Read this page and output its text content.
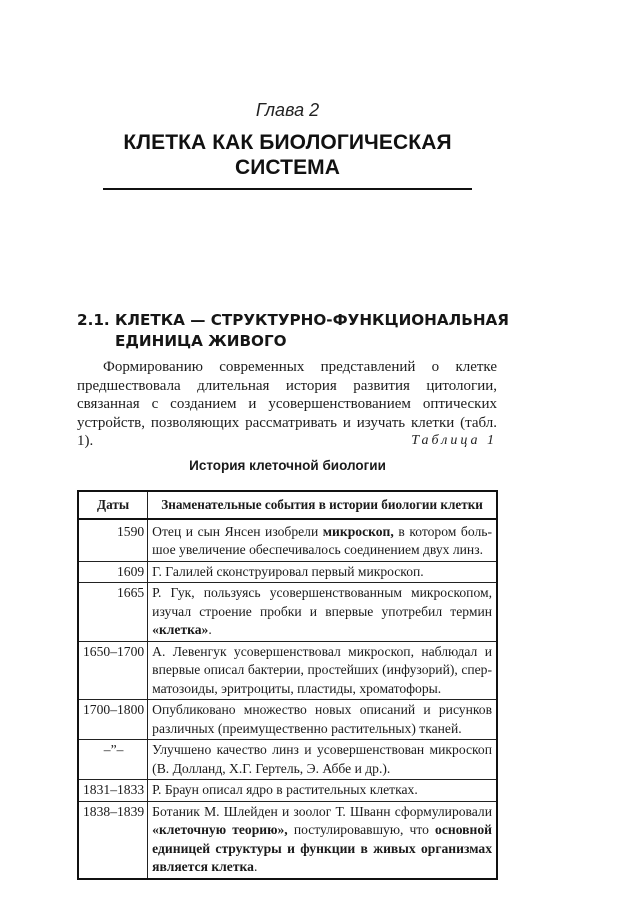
Глава 2
КЛЕТКА КАК БИОЛОГИЧЕСКАЯ
СИСТЕМА
2.1. КЛЕТКА — СТРУКТУРНО-ФУНКЦИОНАЛЬНАЯ ЕДИНИЦА ЖИВОГО

Формированию современных представлений о клетке предшествовала длительная история развития цитологии, связанная с созданием и усовершенствованием оптических устройств, позволяющих рассматривать и изучать клетки (табл. 1).	Таблица 1
История клеточной биологии
Даты	Знаменательные события в истории биологии клетки
1590	Отец и сын Янсен изобрели микроскоп, в котором большое увеличение обеспечивалось соединением двух линз.
1609	Г. Галилей сконструировал первый микроскоп.
1665	Р. Гук, пользуясь усовершенствованным микроскопом, изучал строение пробки и впервые употребил термин «клетка».
1650–1700	А. Левенгук усовершенствовал микроскоп, наблюдал и впервые описал бактерии, простейших (инфузорий), сперматозоиды, эритроциты, пластиды, хроматофоры.
1700–1800	Опубликовано множество новых описаний и рисунков различных (преимущественно растительных) тканей.
–”–	Улучшено качество линз и усовершенствован микроскоп (В. Долланд, Х.Г. Гертель, Э. Аббе и др.).
1831–1833	Р. Браун описал ядро в растительных клетках.
1838–1839	Ботаник М. Шлейден и зоолог Т. Шванн сформулировали «клеточную теорию», постулировавшую, что основной единицей структуры и функции в живых организмах является клетка.
